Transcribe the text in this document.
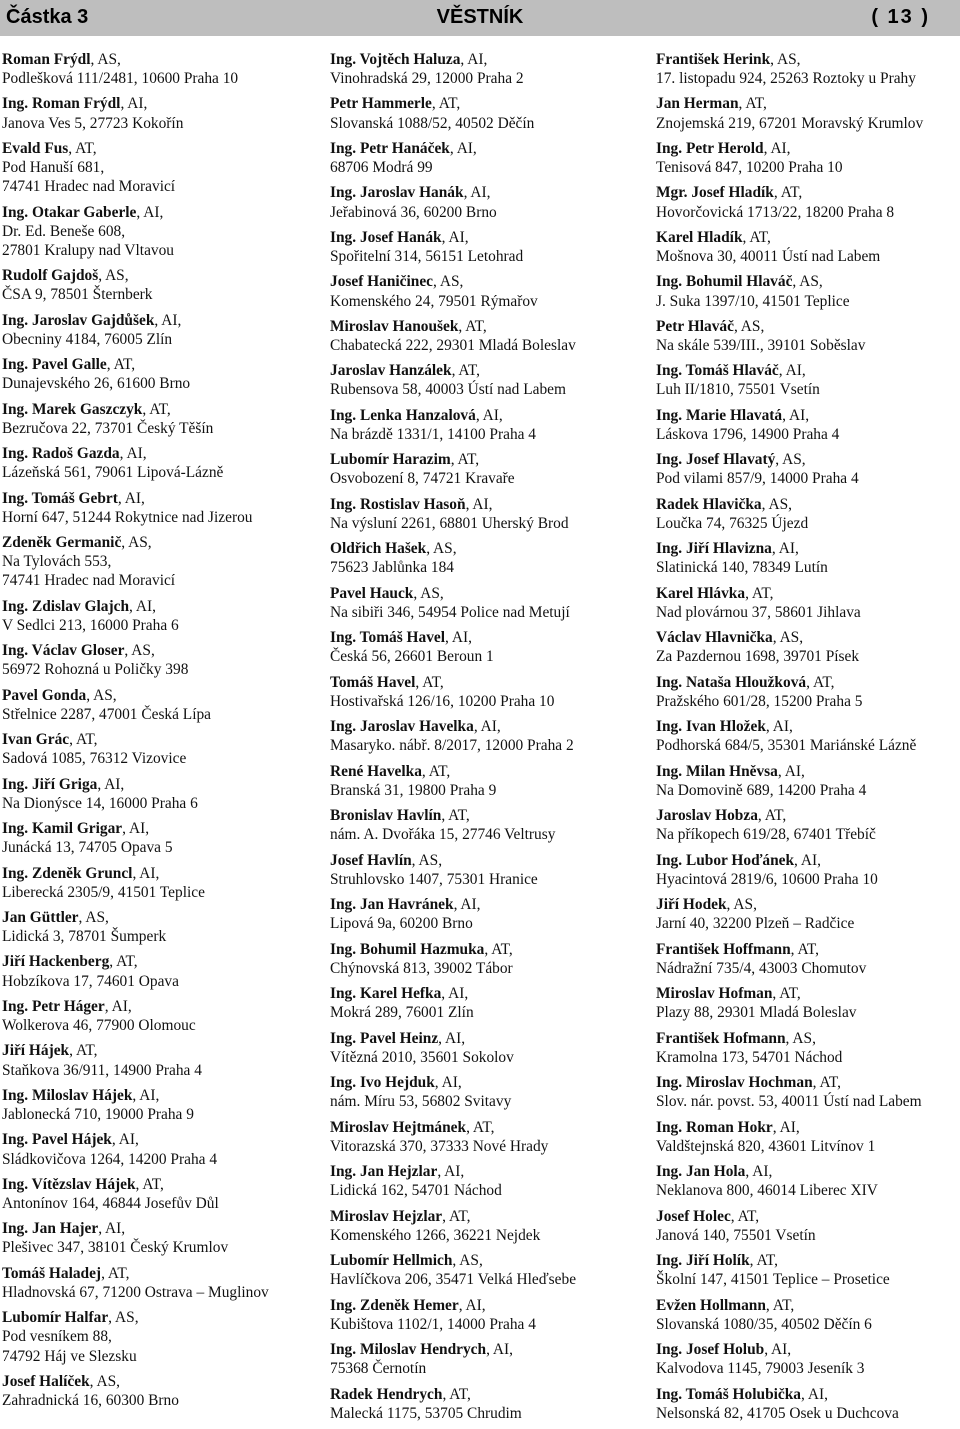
Částka 3	VĚSTNÍK	( 13 )
Roman Frýdl, AS,
Podlešková 111/2481, 10600 Praha 10
Ing. Roman Frýdl, AI,
Janova Ves 5, 27723 Kokořín
Evald Fus, AT,
Pod Hanuší 681,
74741 Hradec nad Moravicí
Ing. Otakar Gaberle, AI,
Dr. Ed. Beneše 608,
27801 Kralupy nad Vltavou
Rudolf Gajdoš, AS,
ČSA 9, 78501 Šternberk
Ing. Jaroslav Gajdůšek, AI,
Obecniny 4184, 76005 Zlín
Ing. Pavel Galle, AT,
Dunajevského 26, 61600 Brno
Ing. Marek Gaszczyk, AT,
Bezručova 22, 73701 Český Těšín
Ing. Radoš Gazda, AI,
Lázeňská 561, 79061 Lipová-Lázně
Ing. Tomáš Gebrt, AI,
Horní 647, 51244 Rokytnice nad Jizerou
Zdeněk Germanič, AS,
Na Tylovách 553,
74741 Hradec nad Moravicí
Ing. Zdislav Glajch, AI,
V Sedlci 213, 16000 Praha 6
Ing. Václav Gloser, AS,
56972 Rohozná u Poličky 398
Pavel Gonda, AS,
Střelnice 2287, 47001 Česká Lípa
Ivan Grác, AT,
Sadová 1085, 76312 Vizovice
Ing. Jiří Griga, AI,
Na Dionýsce 14, 16000 Praha 6
Ing. Kamil Grigar, AI,
Junácká 13, 74705 Opava 5
Ing. Zdeněk Gruncl, AI,
Liberecká 2305/9, 41501 Teplice
Jan Güttler, AS,
Lidická 3, 78701 Šumperk
Jiří Hackenberg, AT,
Hobzíkova 17, 74601 Opava
Ing. Petr Háger, AI,
Wolkerova 46, 77900 Olomouc
Jiří Hájek, AT,
Staňkova 36/911, 14900 Praha 4
Ing. Miloslav Hájek, AI,
Jablonecká 710, 19000 Praha 9
Ing. Pavel Hájek, AI,
Sládkovičova 1264, 14200 Praha 4
Ing. Vítězslav Hájek, AT,
Antonínov 164, 46844 Josefův Důl
Ing. Jan Hajer, AI,
Plešivec 347, 38101 Český Krumlov
Tomáš Haladej, AT,
Hladnovská 67, 71200 Ostrava – Muglinov
Lubomír Halfar, AS,
Pod vesníkem 88,
74792 Háj ve Slezsku
Josef Halíček, AS,
Zahradnická 16, 60300 Brno
Ing. Vojtěch Haluza, AI,
Vinohradská 29, 12000 Praha 2
Petr Hammerle, AT,
Slovanská 1088/52, 40502 Děčín
Ing. Petr Hanáček, AI,
68706 Modrá 99
Ing. Jaroslav Hanák, AI,
Jeřabinová 36, 60200 Brno
Ing. Josef Hanák, AI,
Spořitelní 314, 56151 Letohrad
Josef Haničinec, AS,
Komenského 24, 79501 Rýmařov
Miroslav Hanoušek, AT,
Chabatecká 222, 29301 Mladá Boleslav
Jaroslav Hanzálek, AT,
Rubensova 58, 40003 Ústí nad Labem
Ing. Lenka Hanzalová, AI,
Na brázdě 1331/1, 14100 Praha 4
Lubomír Harazim, AT,
Osvobození 8, 74721 Kravaře
Ing. Rostislav Hasoň, AI,
Na výsluní 2261, 68801 Uherský Brod
Oldřich Hašek, AS,
75623 Jablůnka 184
Pavel Hauck, AS,
Na sibiři 346, 54954 Police nad Metují
Ing. Tomáš Havel, AI,
Česká 56, 26601 Beroun 1
Tomáš Havel, AT,
Hostivařská 126/16, 10200 Praha 10
Ing. Jaroslav Havelka, AI,
Masaryko. nábř. 8/2017, 12000 Praha 2
René Havelka, AT,
Branská 31, 19800 Praha 9
Bronislav Havlín, AT,
nám. A. Dvořáka 15, 27746 Veltrusy
Josef Havlín, AS,
Struhlovsko 1407, 75301 Hranice
Ing. Jan Havránek, AI,
Lipová 9a, 60200 Brno
Ing. Bohumil Hazmuka, AT,
Chýnovská 813, 39002 Tábor
Ing. Karel Hefka, AI,
Mokrá 289, 76001 Zlín
Ing. Pavel Heinz, AI,
Vítězná 2010, 35601 Sokolov
Ing. Ivo Hejduk, AI,
nám. Míru 53, 56802 Svitavy
Miroslav Hejtmánek, AT,
Vitorazská 370, 37333 Nové Hrady
Ing. Jan Hejzlar, AI,
Lidická 162, 54701 Náchod
Miroslav Hejzlar, AT,
Komenského 1266, 36221 Nejdek
Lubomír Hellmich, AS,
Havlíčkova 206, 35471 Velká Hleďsebe
Ing. Zdeněk Hemer, AI,
Kubištova 1102/1, 14000 Praha 4
Ing. Miloslav Hendrych, AI,
75368 Černotín
Radek Hendrych, AT,
Malecká 1175, 53705 Chrudim
František Herink, AS,
17. listopadu 924, 25263 Roztoky u Prahy
Jan Herman, AT,
Znojemská 219, 67201 Moravský Krumlov
Ing. Petr Herold, AI,
Tenisová 847, 10200 Praha 10
Mgr. Josef Hladík, AT,
Hovorčovická 1713/22, 18200 Praha 8
Karel Hladík, AT,
Mošnova 30, 40011 Ústí nad Labem
Ing. Bohumil Hlaváč, AS,
J. Suka 1397/10, 41501 Teplice
Petr Hlaváč, AS,
Na skále 539/III., 39101 Soběslav
Ing. Tomáš Hlaváč, AI,
Luh II/1810, 75501 Vsetín
Ing. Marie Hlavatá, AI,
Láskova 1796, 14900 Praha 4
Ing. Josef Hlavatý, AS,
Pod vilami 857/9, 14000 Praha 4
Radek Hlavička, AS,
Loučka 74, 76325 Újezd
Ing. Jiří Hlavizna, AI,
Slatinická 140, 78349 Lutín
Karel Hlávka, AT,
Nad plovárnou 37, 58601 Jihlava
Václav Hlavnička, AS,
Za Pazdernou 1698, 39701 Písek
Ing. Nataša Hloužková, AT,
Pražského 601/28, 15200 Praha 5
Ing. Ivan Hložek, AI,
Podhorská 684/5, 35301 Mariánské Lázně
Ing. Milan Hněvsa, AI,
Na Domovině 689, 14200 Praha 4
Jaroslav Hobza, AT,
Na příkopech 619/28, 67401 Třebíč
Ing. Lubor Hoďánek, AI,
Hyacintová 2819/6, 10600 Praha 10
Jiří Hodek, AS,
Jarní 40, 32200 Plzeň – Radčice
František Hoffmann, AT,
Nádražní 735/4, 43003 Chomutov
Miroslav Hofman, AT,
Plazy 88, 29301 Mladá Boleslav
František Hofmann, AS,
Kramolna 173, 54701 Náchod
Ing. Miroslav Hochman, AT,
Slov. nár. povst. 53, 40011 Ústí nad Labem
Ing. Roman Hokr, AI,
Valdštejnská 820, 43601 Litvínov 1
Ing. Jan Hola, AI,
Neklanova 800, 46014 Liberec XIV
Josef Holec, AT,
Janová 140, 75501 Vsetín
Ing. Jiří Holík, AT,
Školní 147, 41501 Teplice – Prosetice
Evžen Hollmann, AT,
Slovanská 1080/35, 40502 Děčín 6
Ing. Josef Holub, AI,
Kalvodova 1145, 79003 Jeseník 3
Ing. Tomáš Holubička, AI,
Nelsonská 82, 41705 Osek u Duchcova
